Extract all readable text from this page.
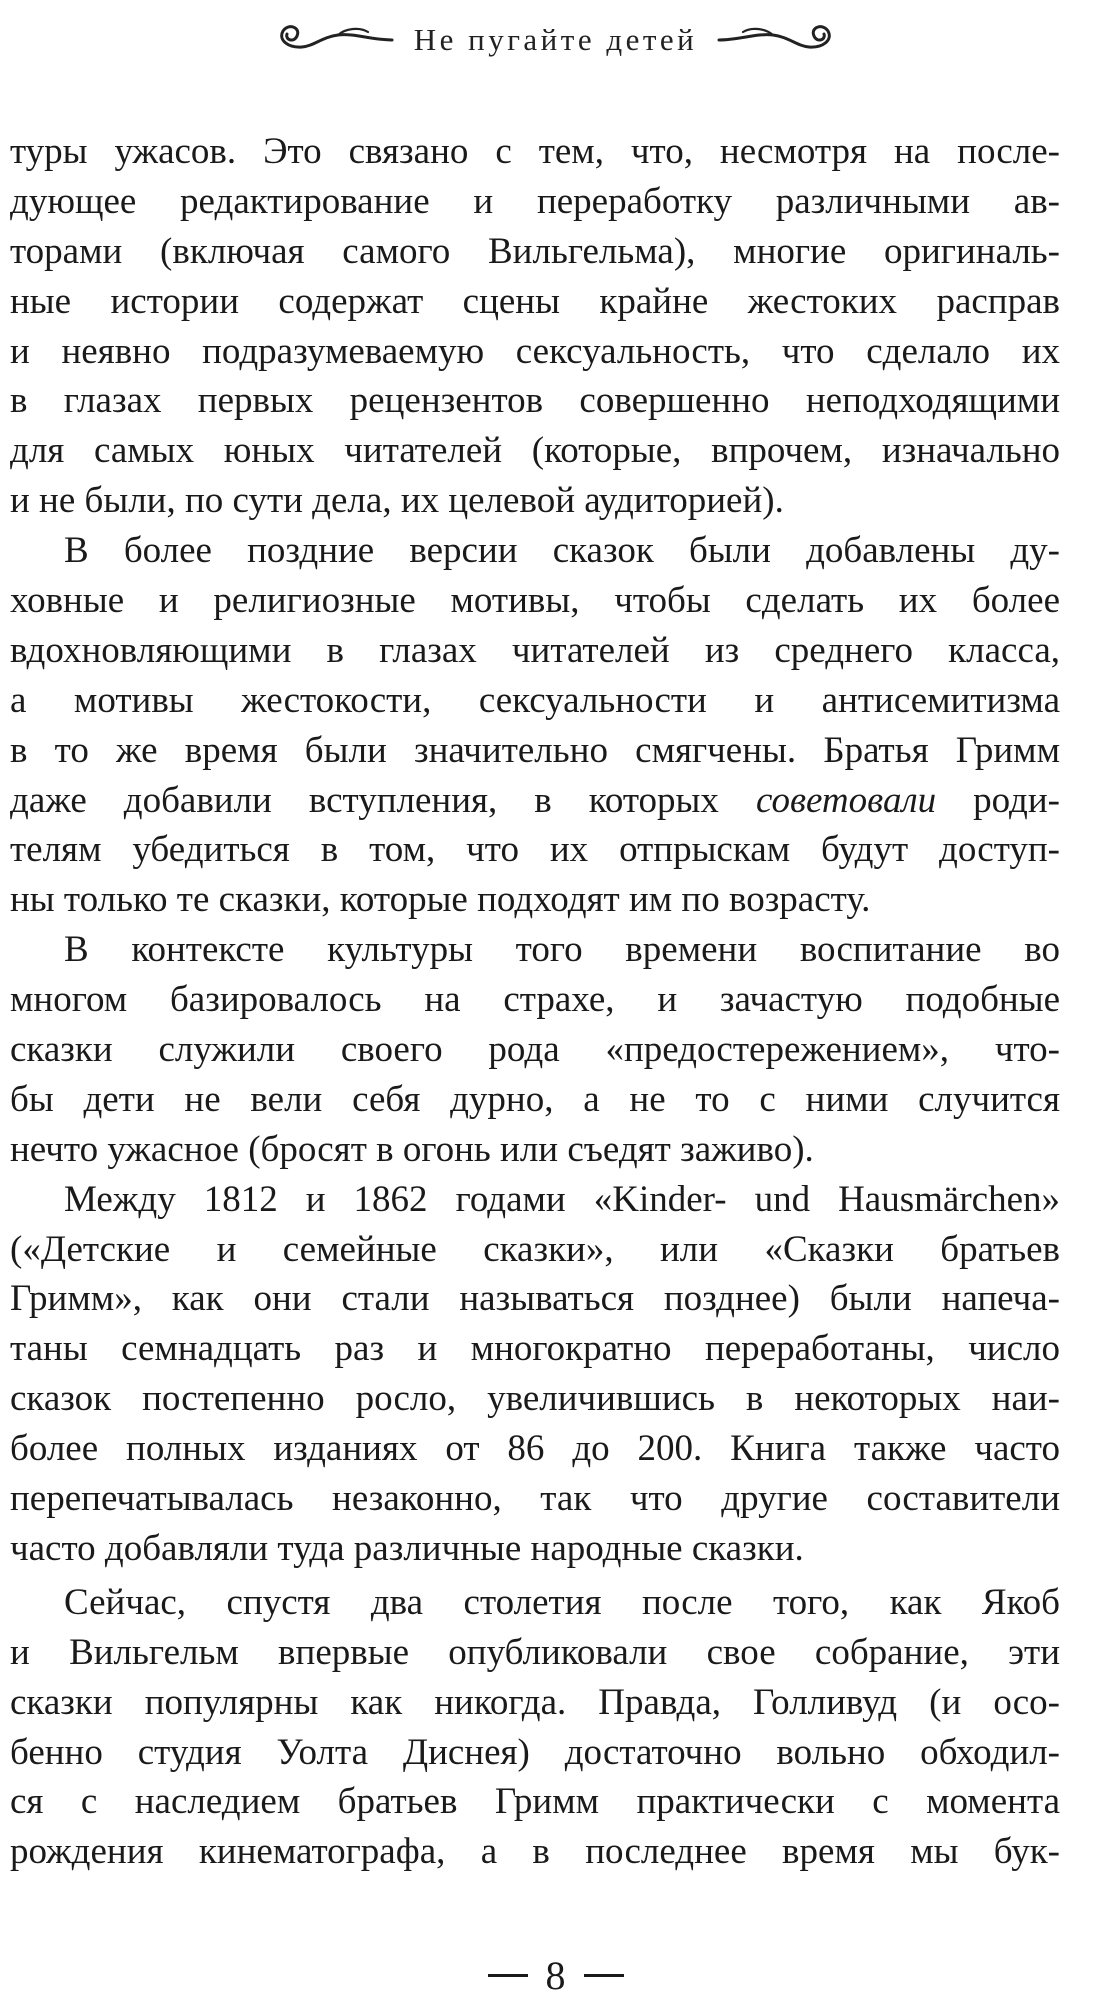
Не пугайте детей
туры ужасов. Это связано с тем, что, несмотря на после-
дующее редактирование и переработку различными ав-
торами (включая самого Вильгельма), многие оригиналь-
ные истории содержат сцены крайне жестоких расправ
и неявно подразумеваемую сексуальность, что сделало их
в глазах первых рецензентов совершенно неподходящими
для самых юных читателей (которые, впрочем, изначально
и не были, по сути дела, их целевой аудиторией).
В более поздние версии сказок были добавлены ду-
ховные и религиозные мотивы, чтобы сделать их более
вдохновляющими в глазах читателей из среднего класса,
а мотивы жестокости, сексуальности и антисемитизма
в то же время были значительно смягчены. Братья Гримм
даже добавили вступления, в которых советовали роди-
телям убедиться в том, что их отпрыскам будут доступ-
ны только те сказки, которые подходят им по возрасту.
В контексте культуры того времени воспитание во
многом базировалось на страхе, и зачастую подобные
сказки служили своего рода «предостережением», что-
бы дети не вели себя дурно, а не то с ними случится
нечто ужасное (бросят в огонь или съедят заживо).
Между 1812 и 1862 годами «Kinder- und Hausmärchen»
(«Детские и семейные сказки», или «Сказки братьев
Гримм», как они стали называться позднее) были напеча-
таны семнадцать раз и многократно переработаны, число
сказок постепенно росло, увеличившись в некоторых наи-
более полных изданиях от 86 до 200. Книга также часто
перепечатывалась незаконно, так что другие составители
часто добавляли туда различные народные сказки.
Сейчас, спустя два столетия после того, как Якоб
и Вильгельм впервые опубликовали свое собрание, эти
сказки популярны как никогда. Правда, Голливуд (и осо-
бенно студия Уолта Диснея) достаточно вольно обходил-
ся с наследием братьев Гримм практически с момента
рождения кинематографа, а в последнее время мы бук-
8
